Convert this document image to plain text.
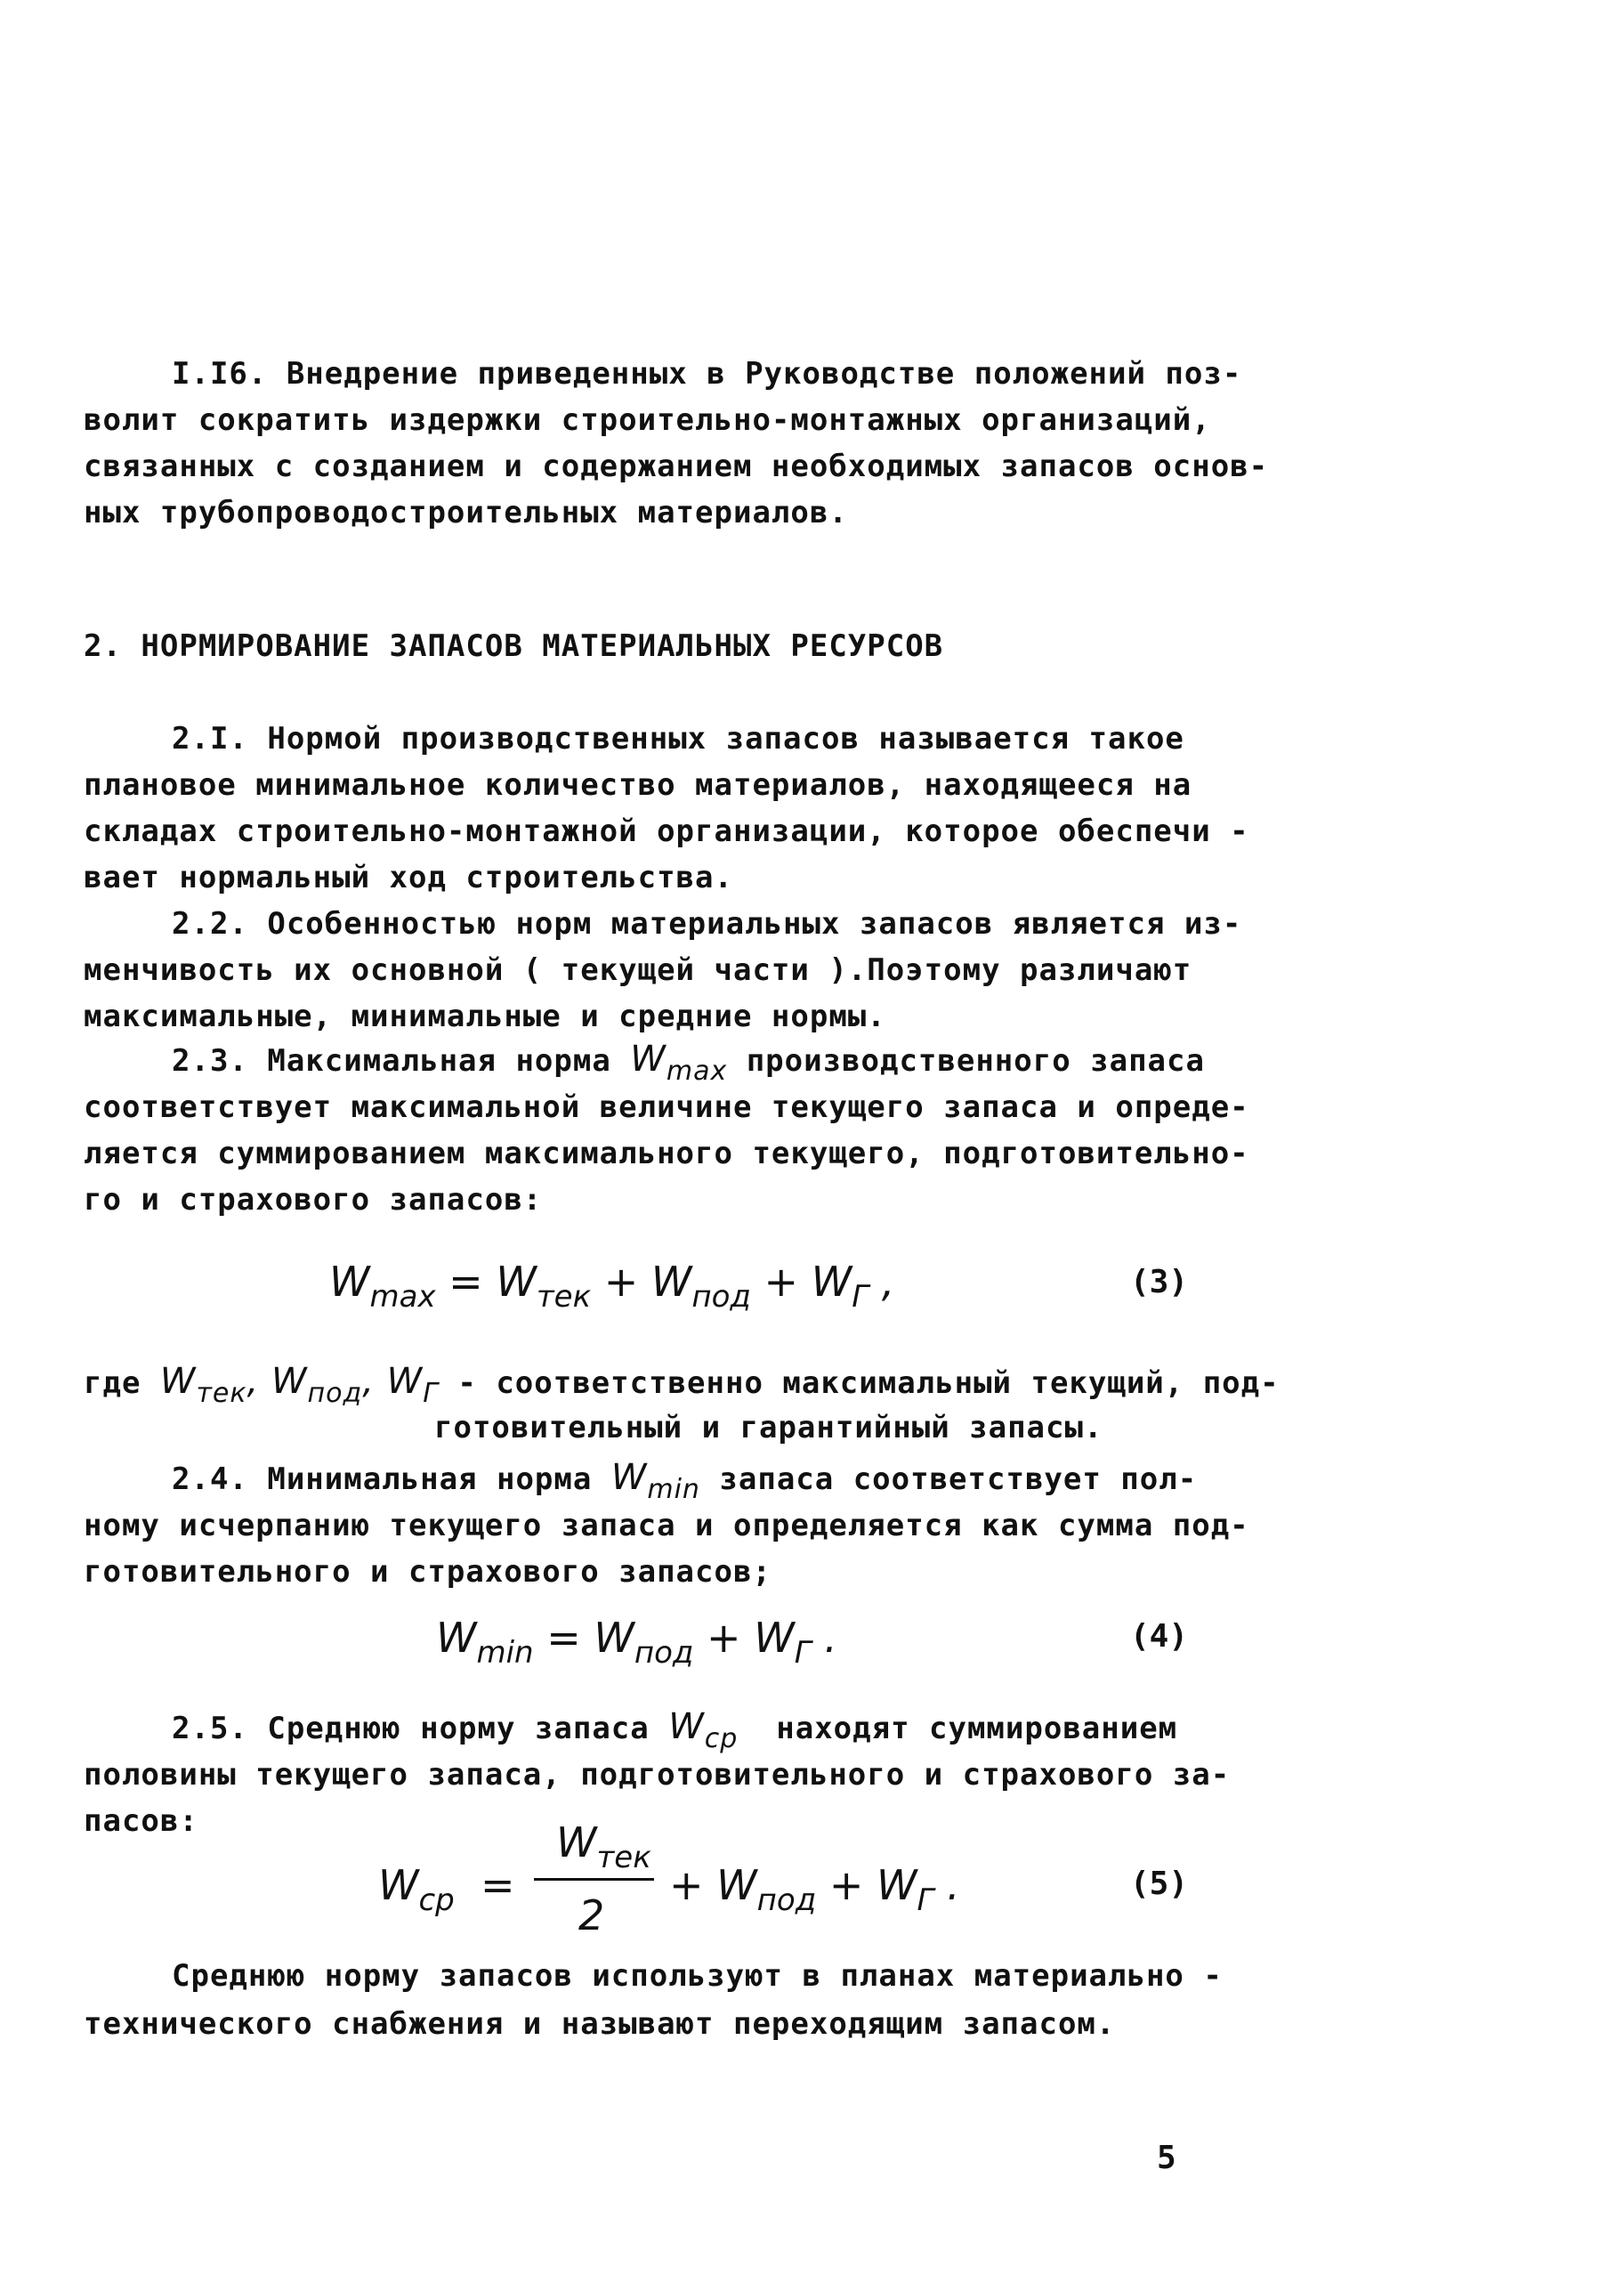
I.I6. Внедрение приведенных в Руководстве положений поз-
волит сократить издержки строительно-монтажных организаций,
связанных с созданием и содержанием необходимых запасов основ-
ных трубопроводостроительных материалов.
2. НОРМИРОВАНИЕ ЗАПАСОВ МАТЕРИАЛЬНЫХ РЕСУРСОВ
2.I. Нормой производственных запасов называется такое
плановое минимальное количество материалов, находящееся на
складах строительно-монтажной организации, которое обеспечи -
вает нормальный ход строительства.
2.2. Особенностью норм материальных запасов является из-
менчивость их основной ( текущей части ).Поэтому различают
максимальные, минимальные и средние нормы.
2.3. Максимальная норма $W_{max}$ производственного запаса
соответствует максимальной величине текущего запаса и опреде-
ляется суммированием максимального текущего, подготовительно-
го и страхового запасов:
$W_{max} = W_{тек} + W_{под} + W_Г$ ,	(3)
где $W_{тек}$, $W_{под}$, $W_Г$ - соответственно максимальный текущий, под-
готовительный и гарантийный запасы.
2.4. Минимальная норма $W_{min}$ запаса соответствует пол-
ному исчерпанию текущего запаса и определяется как сумма под-
готовительного и страхового запасов;
$W_{min} = W_{под} + W_Г$ .	(4)
2.5. Среднюю норму запаса $W_{ср}$  находят суммированием
половины текущего запаса, подготовительного и страхового за-
пасов:
$W_{ср}$ =
$W_{тек}$
2
+ $W_{под} + W_Г$ .	(5)
Среднюю норму запасов используют в планах материально -
технического снабжения и называют переходящим запасом.
5
